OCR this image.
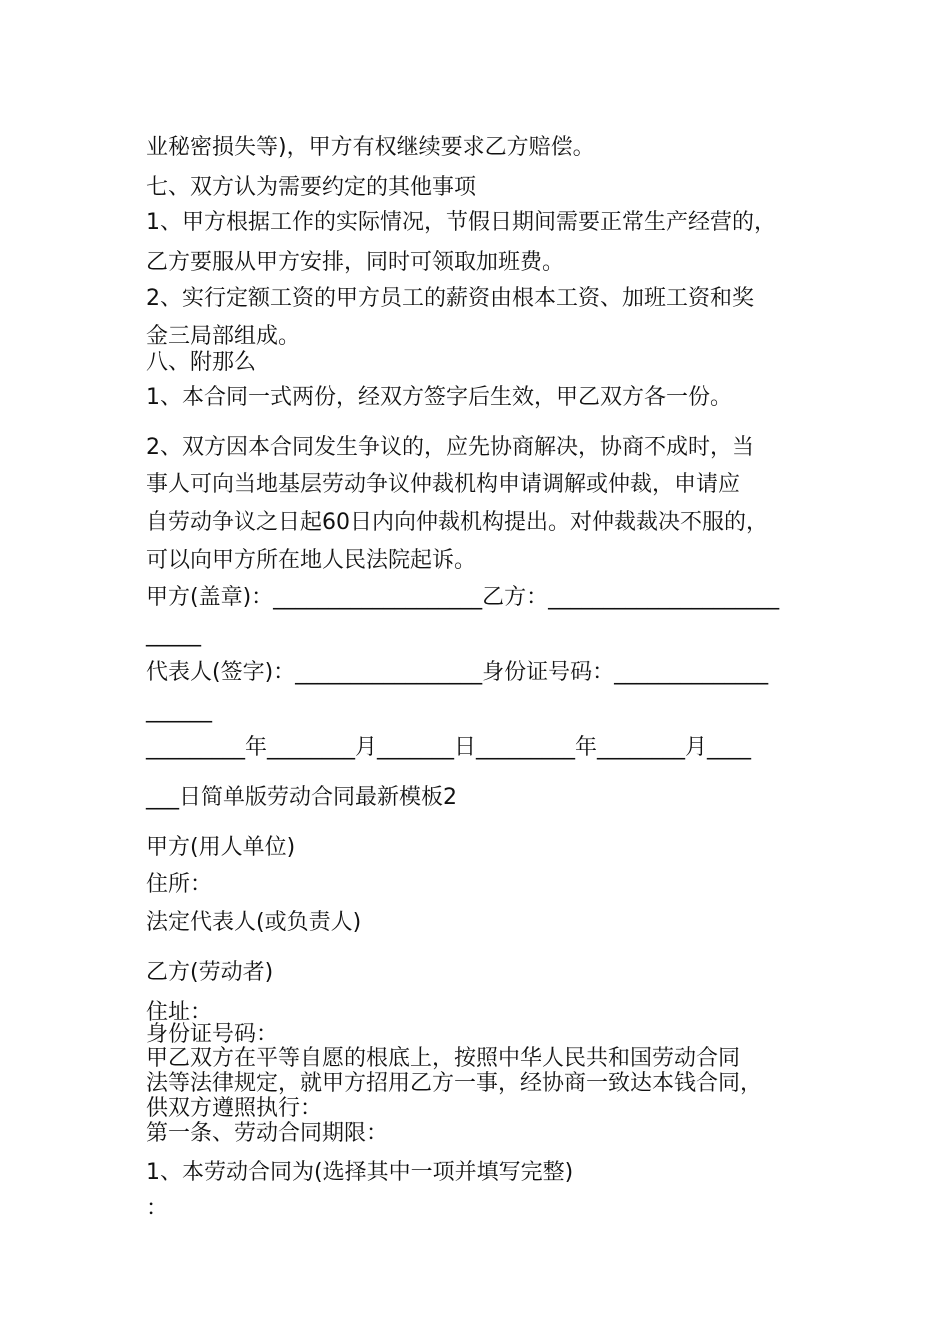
业秘密损失等)，甲方有权继续要求乙方赔偿。

七、双方认为需要约定的其他事项

1、甲方根据工作的实际情况，节假日期间需要正常生产经营的，

乙方要服从甲方安排，同时可领取加班费。

2、实行定额工资的甲方员工的薪资由根本工资、加班工资和奖

金三局部组成。

八、附那么

1、本合同一式两份，经双方签字后生效，甲乙双方各一份。

2、双方因本合同发生争议的，应先协商解决，协商不成时，当

事人可向当地基层劳动争议仲裁机构申请调解或仲裁，申请应

自劳动争议之日起60日内向仲裁机构提出。对仲裁裁决不服的，

可以向甲方所在地人民法院起诉。

甲方(盖章)：___________________乙方：_____________________

_____

代表人(签字)：_________________身份证号码：______________

______

_________年________月_______日_________年________月____

___日简单版劳动合同最新模板2

甲方(用人单位)

住所：

法定代表人(或负责人)

乙方(劳动者)

住址：

身份证号码：

甲乙双方在平等自愿的根底上，按照中华人民共和国劳动合同

法等法律规定，就甲方招用乙方一事，经协商一致达本钱合同，

供双方遵照执行：

第一条、劳动合同期限：

1、本劳动合同为(选择其中一项并填写完整)

：
